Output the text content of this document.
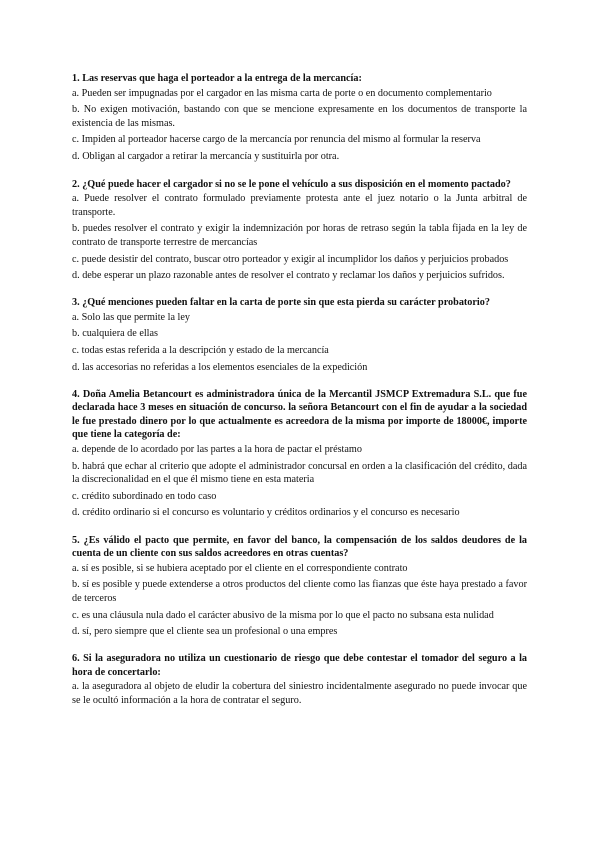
1. Las reservas que haga el porteador a la entrega de la mercancía:
a. Pueden ser impugnadas por el cargador en las misma carta de porte o en documento complementario
b. No exigen motivación, bastando con que se mencione expresamente en los documentos de transporte la existencia de las mismas.
c. Impiden al porteador hacerse cargo de la mercancía por renuncia del mismo al formular la reserva
d. Obligan al cargador a retirar la mercancía y sustituirla por otra.
2. ¿Qué puede hacer el cargador si no se le pone el vehículo a sus disposición en el momento pactado?
a. Puede resolver el contrato formulado previamente protesta ante el juez notario o la Junta arbitral de transporte.
b. puedes resolver el contrato y exigir la indemnización por horas de retraso según la tabla fijada en la ley de contrato de transporte terrestre de mercancías
c. puede desistir del contrato, buscar otro porteador y exigir al incumplidor los daños y perjuicios probados
d. debe esperar un plazo razonable antes de resolver el contrato y reclamar los daños y perjuicios sufridos.
3. ¿Qué menciones pueden faltar en la carta de porte sin que esta pierda su carácter probatorio?
a. Solo las que permite la ley
b. cualquiera de ellas
c. todas estas referida a la descripción y estado de la mercancía
d. las accesorias no referidas a los elementos esenciales de la expedición
4. Doña Amelia Betancourt es administradora única de la Mercantil JSMCP Extremadura S.L. que fue declarada hace 3 meses en situación de concurso. la señora Betancourt con el fin de ayudar a la sociedad le fue prestado dinero por lo que actualmente es acreedora de la misma por importe de 18000€, importe que tiene la categoría de:
a. depende de lo acordado por las partes a la hora de pactar el préstamo
b. habrá que echar al criterio que adopte el administrador concursal en orden a la clasificación del crédito, dada la discrecionalidad en el que él mismo tiene en esta materia
c. crédito subordinado en todo caso
d. crédito ordinario si el concurso es voluntario y créditos ordinarios y el concurso es necesario
5. ¿Es válido el pacto que permite, en favor del banco, la compensación de los saldos deudores de la cuenta de un cliente con sus saldos acreedores en otras cuentas?
a. sí es posible, si se hubiera aceptado por el cliente en el correspondiente contrato
b. sí es posible y puede extenderse a otros productos del cliente como las fianzas que éste haya prestado a favor de terceros
c. es una cláusula nula dado el carácter abusivo de la misma por lo que el pacto no subsana esta nulidad
d. sí, pero siempre que el cliente sea un profesional o una empres
6. Si la aseguradora no utiliza un cuestionario de riesgo que debe contestar el tomador del seguro a la hora de concertarlo:
a. la aseguradora al objeto de eludir la cobertura del siniestro incidentalmente asegurado no puede invocar que se le ocultó información a la hora de contratar el seguro.
